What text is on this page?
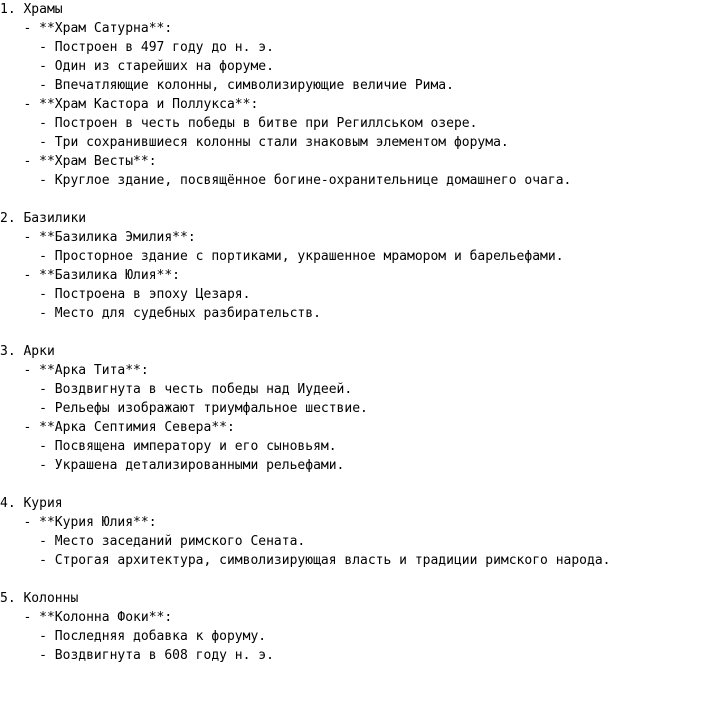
1. Храмы
- **Храм Сатурна**:
- Построен в 497 году до н. э.
- Один из старейших на форуме.
- Впечатляющие колонны, символизирующие величие Рима.
- **Храм Кастора и Поллукса**:
- Построен в честь победы в битве при Региллськом озере.
- Три сохранившиеся колонны стали знаковым элементом форума.
- **Храм Весты**:
- Круглое здание, посвящённое богине-охранительнице домашнего очага.
2. Базилики
- **Базилика Эмилия**:
- Просторное здание с портиками, украшенное мрамором и барельефами.
- **Базилика Юлия**:
- Построена в эпоху Цезаря.
- Место для судебных разбирательств.
3. Арки
- **Арка Тита**:
- Воздвигнута в честь победы над Иудеей.
- Рельефы изображают триумфальное шествие.
- **Арка Септимия Севера**:
- Посвящена императору и его сыновьям.
- Украшена детализированными рельефами.
4. Курия
- **Курия Юлия**:
- Место заседаний римского Сената.
- Строгая архитектура, символизирующая власть и традиции римского народа.
5. Колонны
- **Колонна Фоки**:
- Последняя добавка к форуму.
- Воздвигнута в 608 году н. э.
